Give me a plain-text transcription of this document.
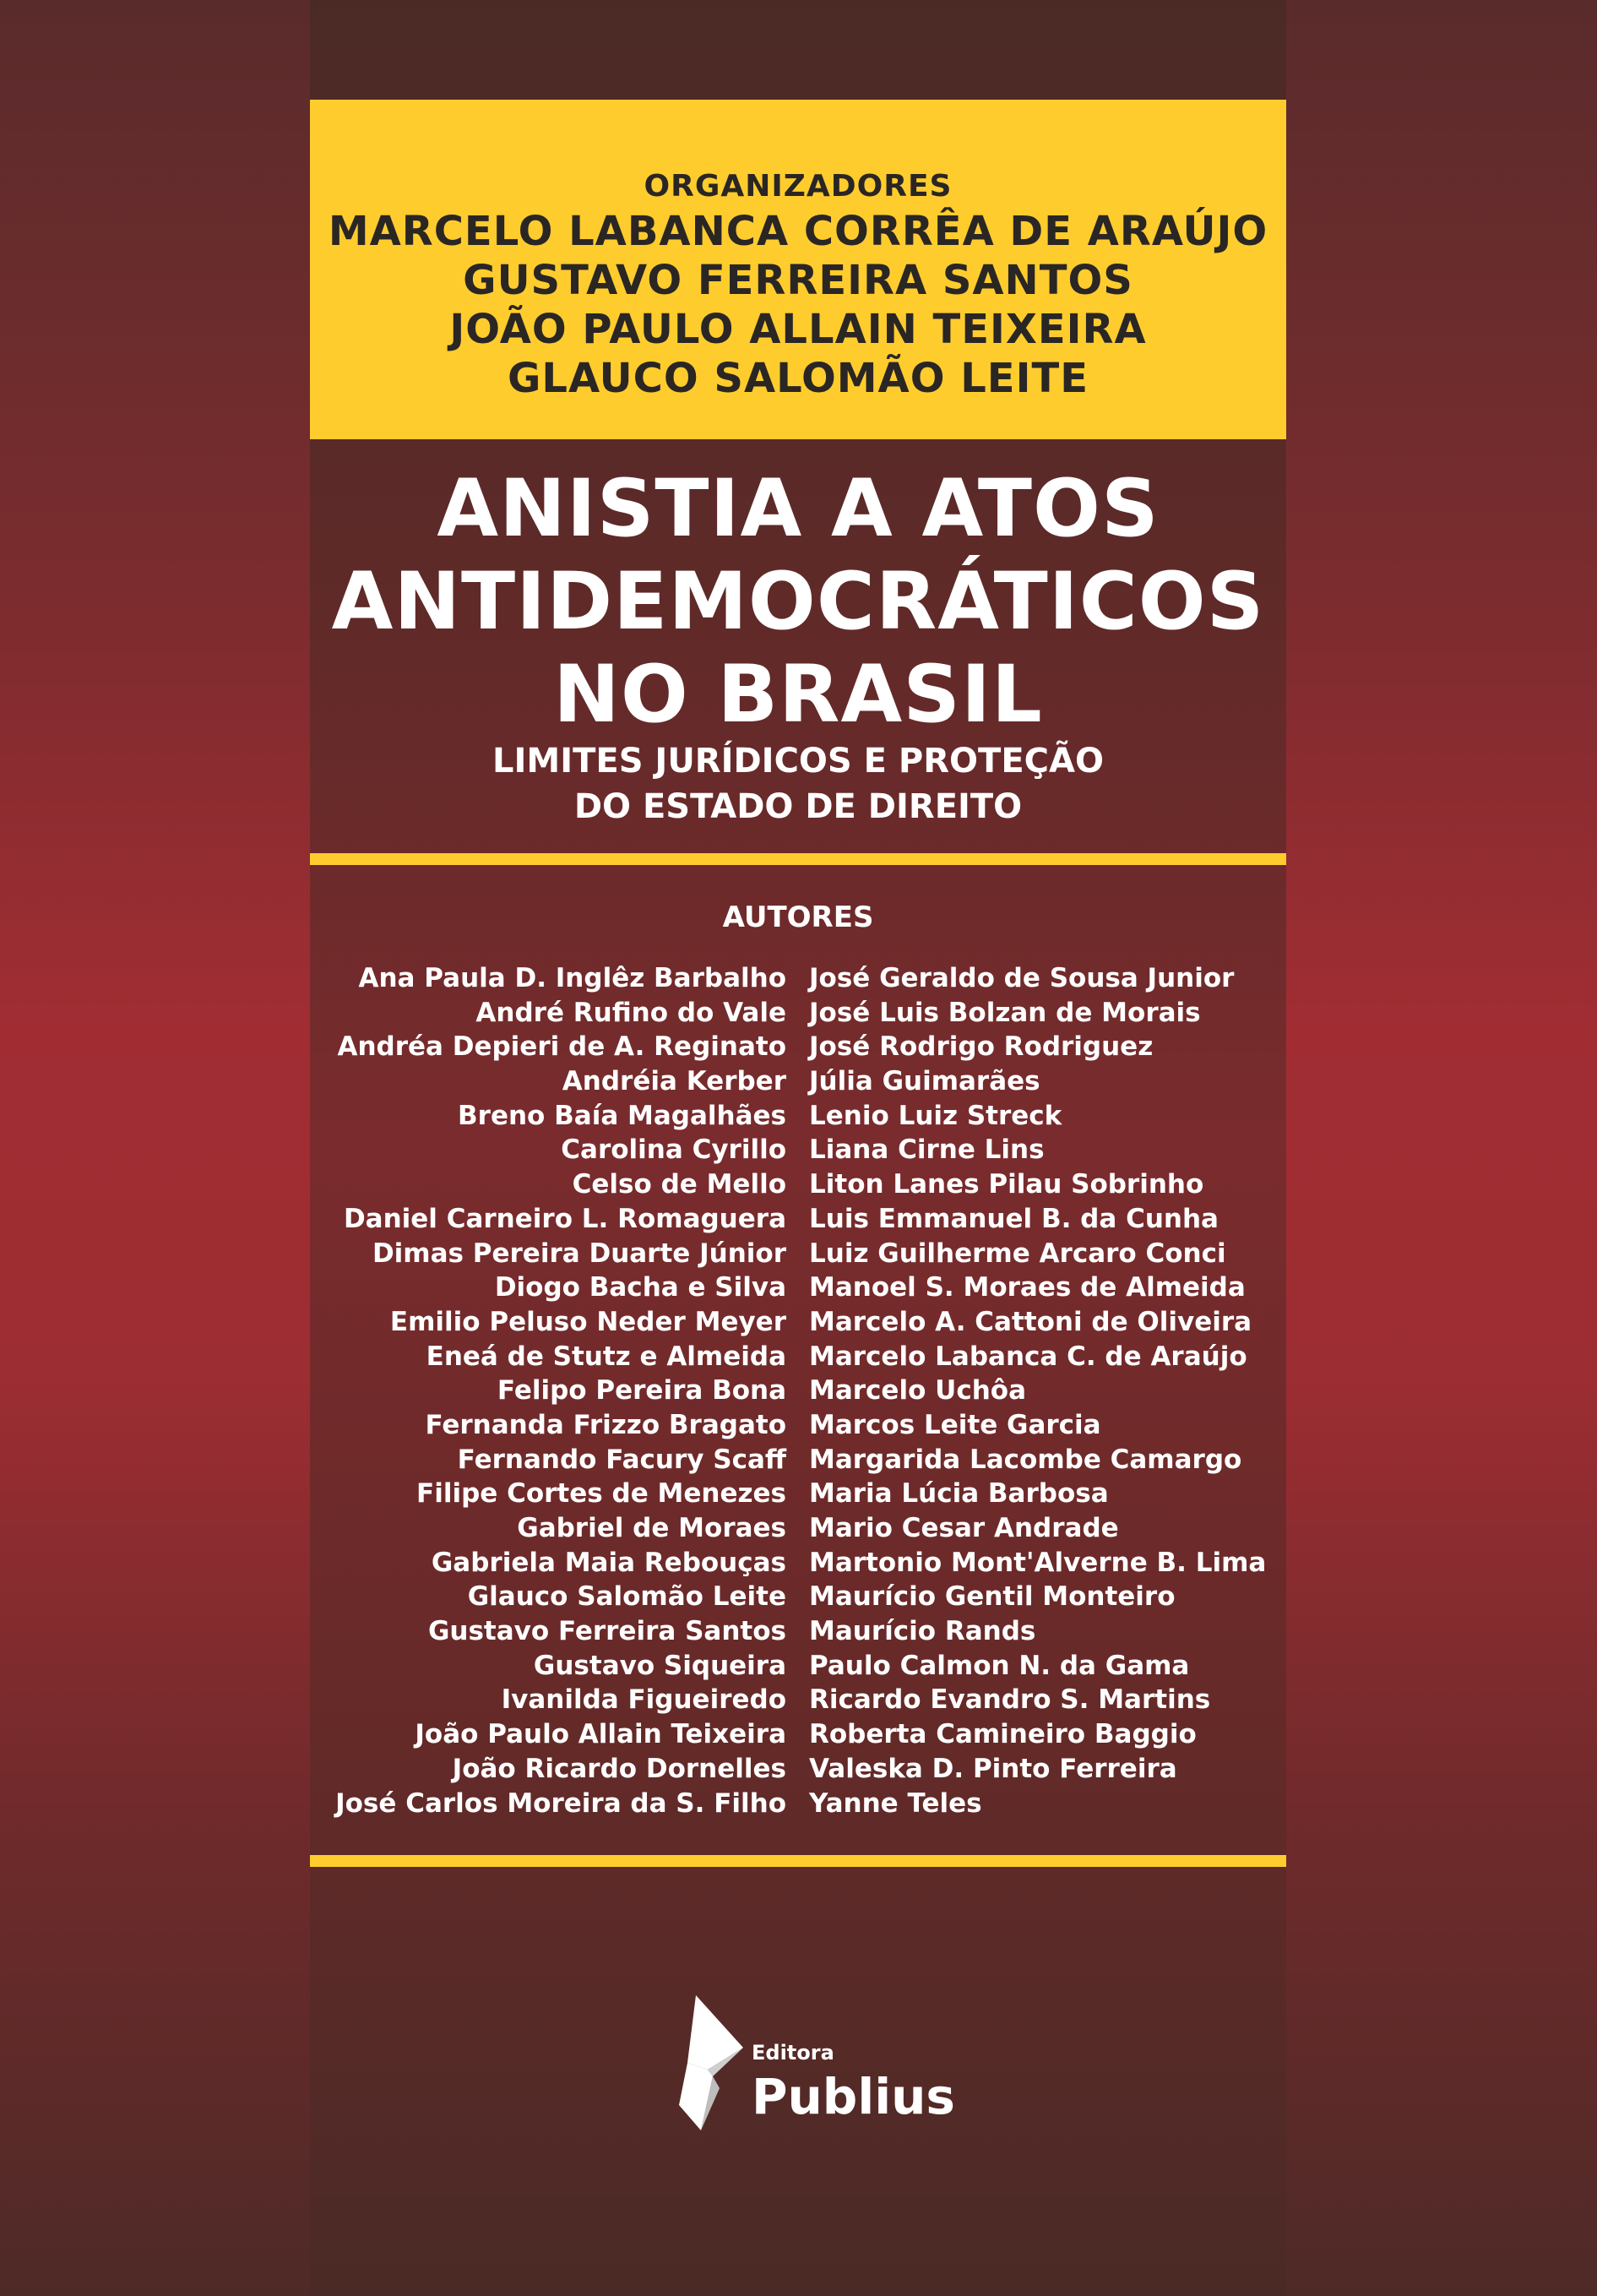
ORGANIZADORES
MARCELO LABANCA CORRÊA DE ARAÚJO
GUSTAVO FERREIRA SANTOS
JOÃO PAULO ALLAIN TEIXEIRA
GLAUCO SALOMÃO LEITE
ANISTIA A ATOS
ANTIDEMOCRÁTICOS
NO BRASIL
LIMITES JURÍDICOS E PROTEÇÃO
DO ESTADO DE DIREITO
AUTORES
Ana Paula D. Inglêz Barbalho
André Rufino do Vale
Andréa Depieri de A. Reginato
Andréia Kerber
Breno Baía Magalhães
Carolina Cyrillo
Celso de Mello
Daniel Carneiro L. Romaguera
Dimas Pereira Duarte Júnior
Diogo Bacha e Silva
Emilio Peluso Neder Meyer
Eneá de Stutz e Almeida
Felipo Pereira Bona
Fernanda Frizzo Bragato
Fernando Facury Scaff
Filipe Cortes de Menezes
Gabriel de Moraes
Gabriela Maia Rebouças
Glauco Salomão Leite
Gustavo Ferreira Santos
Gustavo Siqueira
Ivanilda Figueiredo
João Paulo Allain Teixeira
João Ricardo Dornelles
José Carlos Moreira da S. Filho
José Geraldo de Sousa Junior
José Luis Bolzan de Morais
José Rodrigo Rodriguez
Júlia Guimarães
Lenio Luiz Streck
Liana Cirne Lins
Liton Lanes Pilau Sobrinho
Luis Emmanuel B. da Cunha
Luiz Guilherme Arcaro Conci
Manoel S. Moraes de Almeida
Marcelo A. Cattoni de Oliveira
Marcelo Labanca C. de Araújo
Marcelo Uchôa
Marcos Leite Garcia
Margarida Lacombe Camargo
Maria Lúcia Barbosa
Mario Cesar Andrade
Martonio Mont'Alverne B. Lima
Maurício Gentil Monteiro
Maurício Rands
Paulo Calmon N. da Gama
Ricardo Evandro S. Martins
Roberta Camineiro Baggio
Valeska D. Pinto Ferreira
Yanne Teles
Editora
Publius
